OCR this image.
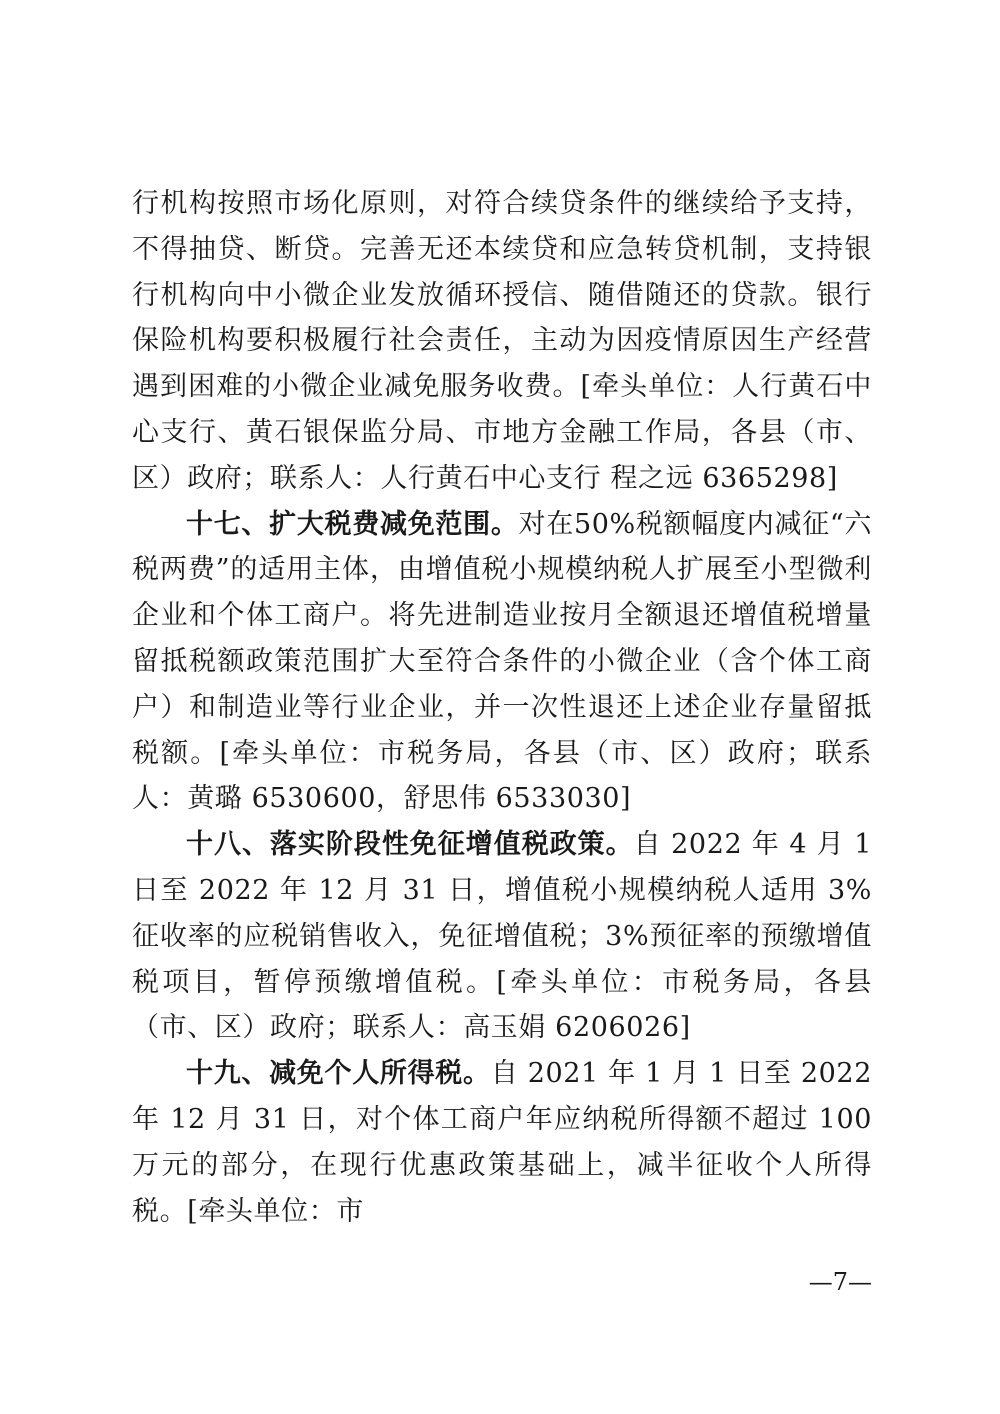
行机构按照市场化原则，对符合续贷条件的继续给予支持，不得抽贷、断贷。完善无还本续贷和应急转贷机制，支持银行机构向中小微企业发放循环授信、随借随还的贷款。银行保险机构要积极履行社会责任，主动为因疫情原因生产经营遇到困难的小微企业减免服务收费。[牵头单位：人行黄石中心支行、黄石银保监分局、市地方金融工作局，各县（市、区）政府；联系人：人行黄石中心支行 程之远 6365298]

十七、扩大税费减免范围。对在50%税额幅度内减征“六税两费”的适用主体，由增值税小规模纳税人扩展至小型微利企业和个体工商户。将先进制造业按月全额退还增值税增量留抵税额政策范围扩大至符合条件的小微企业（含个体工商户）和制造业等行业企业，并一次性退还上述企业存量留抵税额。[牵头单位：市税务局，各县（市、区）政府；联系人：黄璐 6530600，舒思伟 6533030]

十八、落实阶段性免征增值税政策。自 2022 年 4 月 1 日至 2022 年 12 月 31 日，增值税小规模纳税人适用 3%征收率的应税销售收入，免征增值税；3%预征率的预缴增值税项目，暂停预缴增值税。[牵头单位：市税务局，各县（市、区）政府；联系人：高玉娟 6206026]

十九、减免个人所得税。自 2021 年 1 月 1 日至 2022 年 12 月 31 日，对个体工商户年应纳税所得额不超过 100 万元的部分，在现行优惠政策基础上，减半征收个人所得税。[牵头单位：市

—7—
